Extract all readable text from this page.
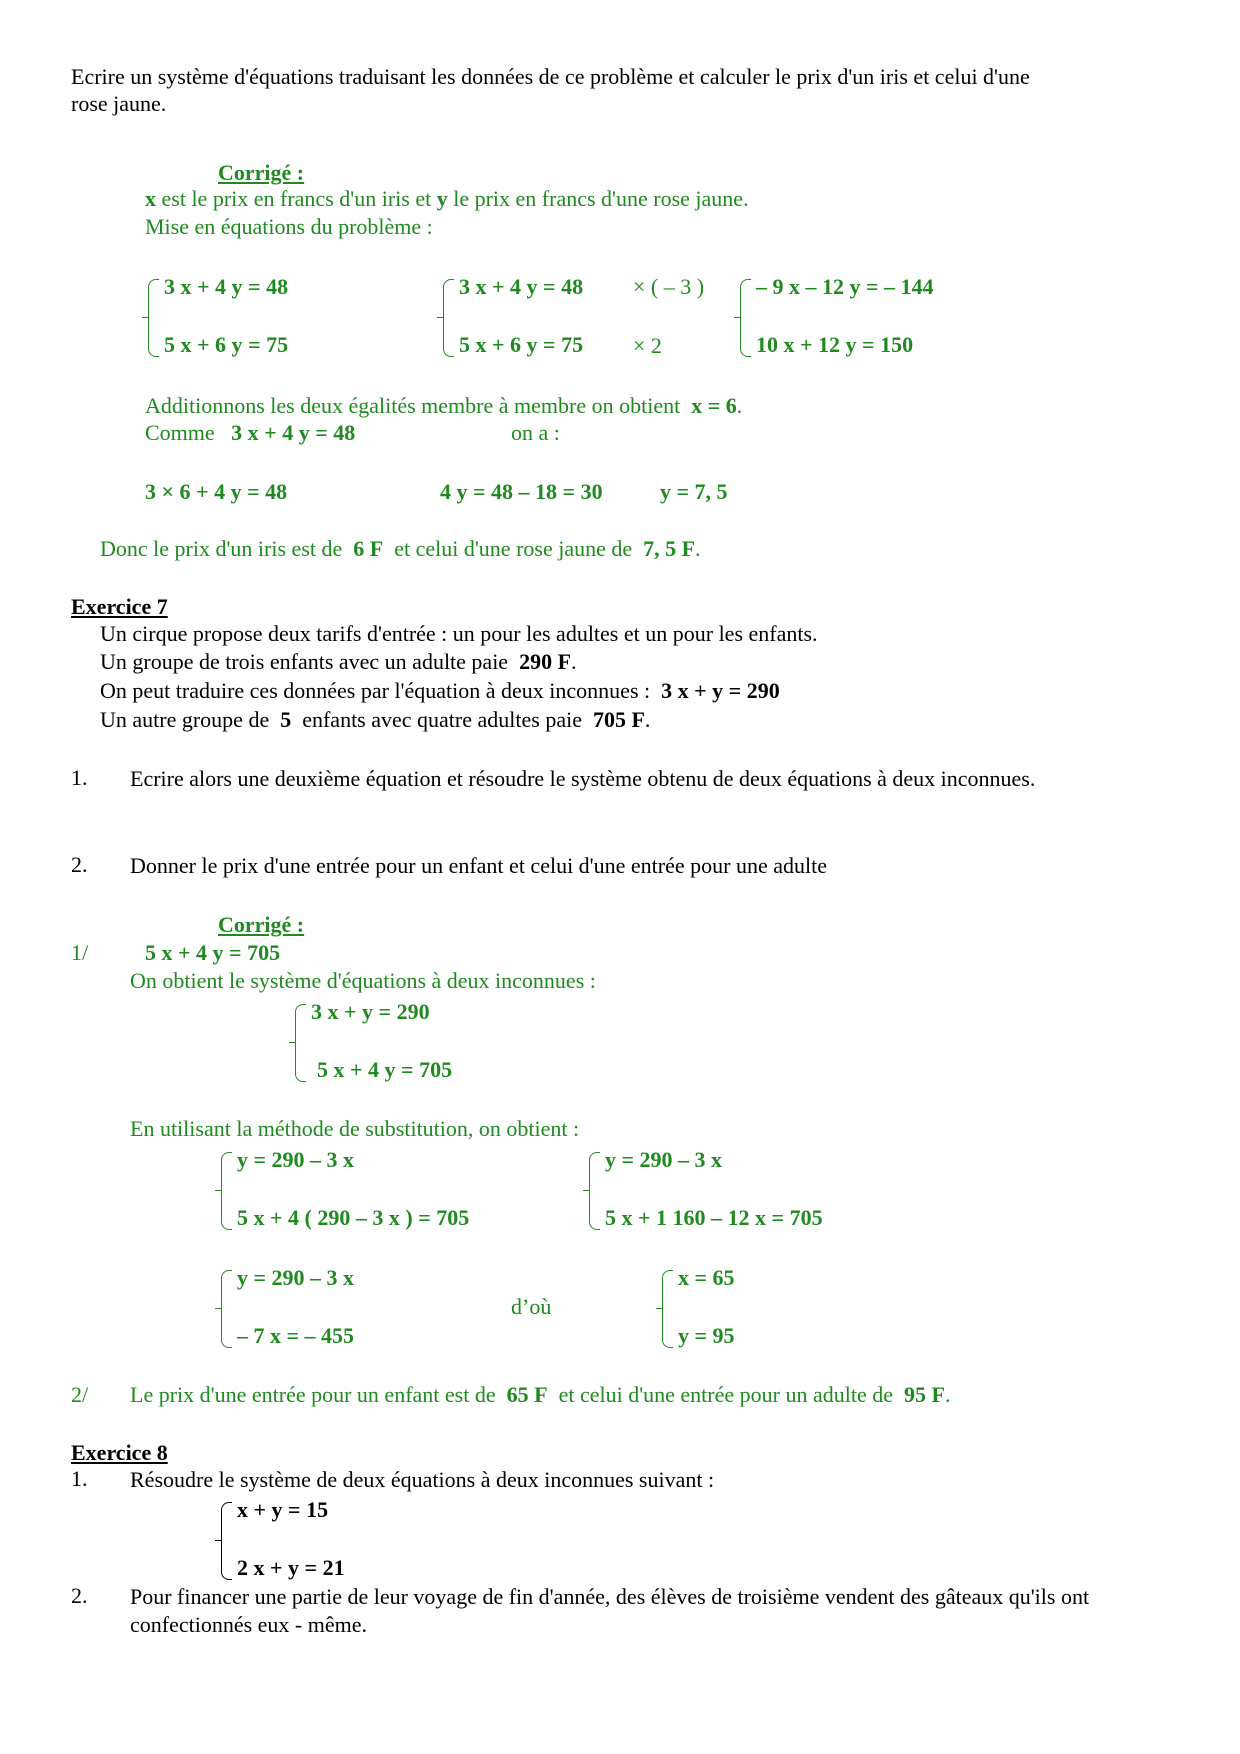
Ecrire un système d'équations traduisant les données de ce problème et calculer le prix d'un iris et celui d'une
rose jaune.
Corrigé :
x est le prix en francs d'un iris et y le prix en francs d'une rose jaune.
Mise en équations du problème :
3 x + 4 y = 48
5 x + 6 y = 75
3 x + 4 y = 48
5 x + 6 y = 75
× ( – 3 )
× 2
– 9 x – 12 y = – 144
10 x + 12 y = 150
Additionnons les deux égalités membre à membre on obtient x = 6.
Comme 3 x + 4 y = 48	on a :
3 × 6 + 4 y = 48	4 y = 48 – 18 = 30	y = 7, 5
Donc le prix d'un iris est de 6 F et celui d'une rose jaune de 7, 5 F.
Exercice 7
Un cirque propose deux tarifs d'entrée : un pour les adultes et un pour les enfants.
Un groupe de trois enfants avec un adulte paie 290 F.
On peut traduire ces données par l'équation à deux inconnues : 3 x + y = 290
Un autre groupe de 5 enfants avec quatre adultes paie 705 F.
1. Ecrire alors une deuxième équation et résoudre le système obtenu de deux équations à deux inconnues.
2. Donner le prix d'une entrée pour un enfant et celui d'une entrée pour une adulte
Corrigé :
1/	5 x + 4 y = 705
On obtient le système d'équations à deux inconnues :
3 x + y = 290
5 x + 4 y = 705
En utilisant la méthode de substitution, on obtient :
y = 290 – 3 x
5 x + 4 ( 290 – 3 x ) = 705
y = 290 – 3 x
5 x + 1 160 – 12 x = 705
y = 290 – 3 x
– 7 x = – 455
d’où
x = 65
y = 95
2/ Le prix d'une entrée pour un enfant est de 65 F et celui d'une entrée pour un adulte de 95 F.
Exercice 8
1. Résoudre le système de deux équations à deux inconnues suivant :
x + y = 15
2 x + y = 21
2. Pour financer une partie de leur voyage de fin d'année, des élèves de troisième vendent des gâteaux qu'ils ont confectionnés eux - même.
